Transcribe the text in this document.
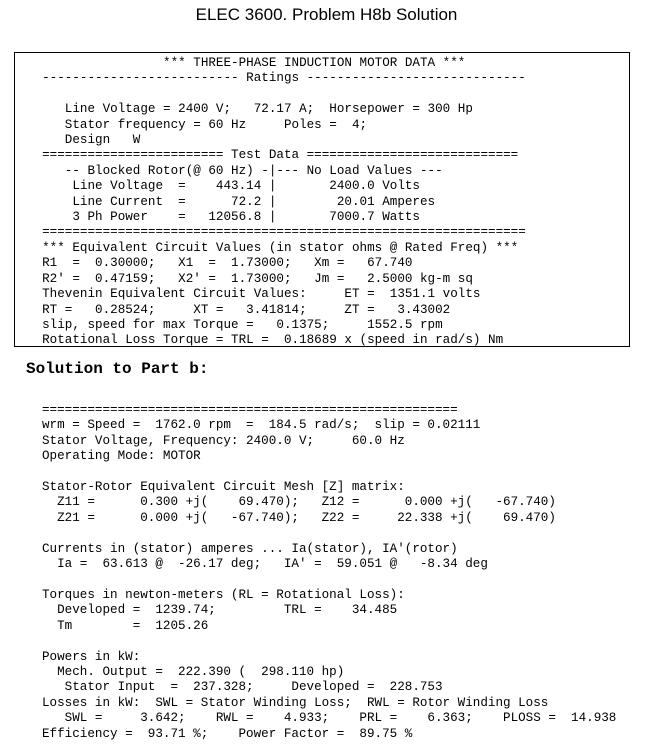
ELEC 3600. Problem H8b Solution
*** THREE-PHASE INDUCTION MOTOR DATA ***
-------------------------- Ratings -----------------------------

Line Voltage = 2400 V;   72.17 A;  Horsepower = 300 Hp
Stator frequency = 60 Hz     Poles =  4;
Design   W
======================== Test Data ============================
-- Blocked Rotor(@ 60 Hz) -|--- No Load Values ---
Line Voltage  =    443.14 |       2400.0 Volts
Line Current  =      72.2 |        20.01 Amperes
3 Ph Power    =   12056.8 |       7000.7 Watts
================================================================
*** Equivalent Circuit Values (in stator ohms @ Rated Freq) ***
R1  =  0.30000;   X1  =  1.73000;   Xm =   67.740
R2' =  0.47159;   X2' =  1.73000;   Jm =   2.5000 kg-m sq
Thevenin Equivalent Circuit Values:     ET =  1351.1 volts
RT =   0.28524;     XT =   3.41814;     ZT =   3.43002
slip, speed for max Torque =   0.1375;     1552.5 rpm
Rotational Loss Torque = TRL =  0.18689 x (speed in rad/s) Nm
Solution to Part b:
=======================================================
wrm = Speed =  1762.0 rpm  =  184.5 rad/s;  slip = 0.02111
Stator Voltage, Frequency: 2400.0 V;     60.0 Hz
Operating Mode: MOTOR

Stator-Rotor Equivalent Circuit Mesh [Z] matrix:
Z11 =      0.300 +j(    69.470);   Z12 =      0.000 +j(   -67.740)
Z21 =      0.000 +j(   -67.740);   Z22 =     22.338 +j(    69.470)

Currents in (stator) amperes ... Ia(stator), IA'(rotor)
Ia =  63.613 @  -26.17 deg;   IA' =  59.051 @   -8.34 deg

Torques in newton-meters (RL = Rotational Loss):
Developed =  1239.74;         TRL =    34.485
Tm        =  1205.26

Powers in kW:
Mech. Output =  222.390 (  298.110 hp)
Stator Input  =  237.328;     Developed =  228.753
Losses in kW:  SWL = Stator Winding Loss;  RWL = Rotor Winding Loss
SWL =     3.642;    RWL =    4.933;    PRL =    6.363;    PLOSS =  14.938
Efficiency =  93.71 %;    Power Factor =  89.75 %
